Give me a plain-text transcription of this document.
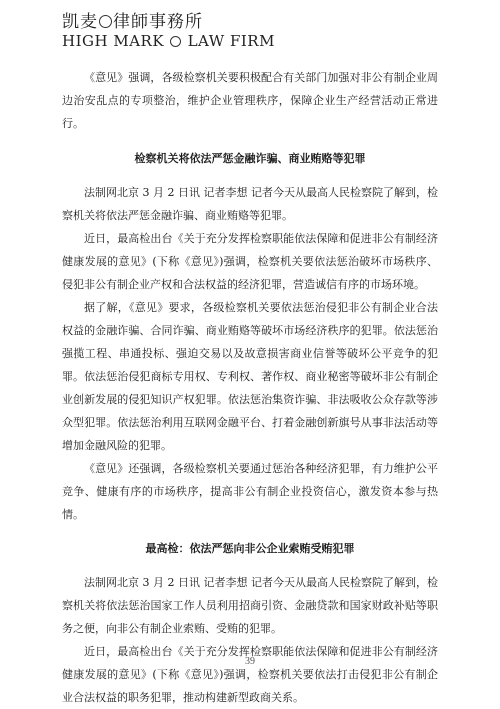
凯麦 律師事務所
HIGH MARK LAW FIRM

《意见》强调，各级检察机关要积极配合有关部门加强对非公有制企业周边治安乱点的专项整治，维护企业管理秩序，保障企业生产经营活动正常进行。

检察机关将依法严惩金融诈骗、商业贿赂等犯罪

法制网北京 3 月 2 日讯 记者李想 记者今天从最高人民检察院了解到，检察机关将依法严惩金融诈骗、商业贿赂等犯罪。

近日，最高检出台《关于充分发挥检察职能依法保障和促进非公有制经济健康发展的意见》(下称《意见》)强调，检察机关要依法惩治破坏市场秩序、侵犯非公有制企业产权和合法权益的经济犯罪，营造诚信有序的市场环境。

据了解，《意见》要求，各级检察机关要依法惩治侵犯非公有制企业合法权益的金融诈骗、合同诈骗、商业贿赂等破坏市场经济秩序的犯罪。依法惩治强揽工程、串通投标、强迫交易以及故意损害商业信誉等破坏公平竞争的犯罪。依法惩治侵犯商标专用权、专利权、著作权、商业秘密等破坏非公有制企业创新发展的侵犯知识产权犯罪。依法惩治集资诈骗、非法吸收公众存款等涉众型犯罪。依法惩治利用互联网金融平台、打着金融创新旗号从事非法活动等增加金融风险的犯罪。

《意见》还强调，各级检察机关要通过惩治各种经济犯罪，有力维护公平竞争、健康有序的市场秩序，提高非公有制企业投资信心，激发资本参与热情。

最高检：依法严惩向非公企业索贿受贿犯罪

法制网北京 3 月 2 日讯 记者李想 记者今天从最高人民检察院了解到，检察机关将依法惩治国家工作人员利用招商引资、金融贷款和国家财政补贴等职务之便，向非公有制企业索贿、受贿的犯罪。

近日，最高检出台《关于充分发挥检察职能依法保障和促进非公有制经济健康发展的意见》(下称《意见》)强调，检察机关要依法打击侵犯非公有制企业合法权益的职务犯罪，推动构建新型政商关系。

39
